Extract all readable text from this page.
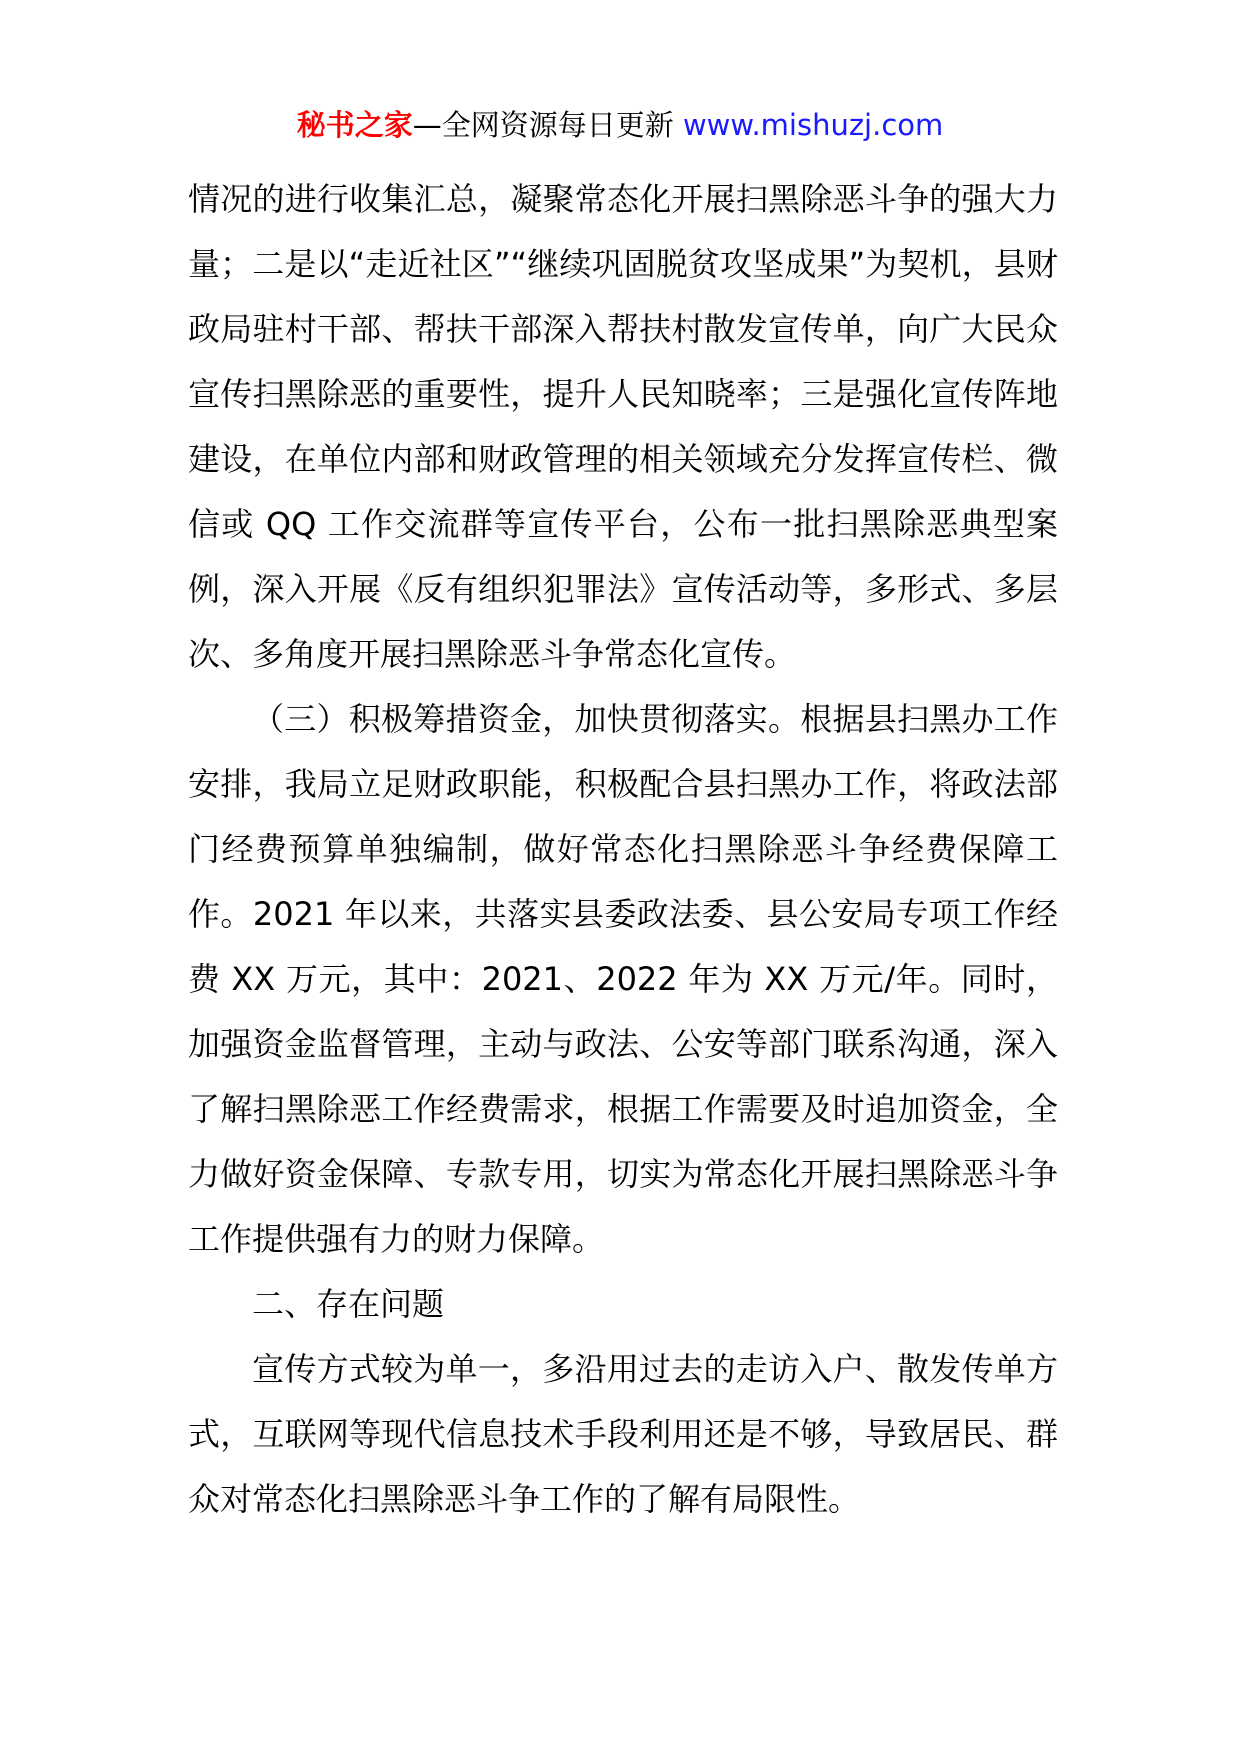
秘书之家—全网资源每日更新 www.mishuzj.com

情况的进行收集汇总，凝聚常态化开展扫黑除恶斗争的强大力量；二是以“走近社区”“继续巩固脱贫攻坚成果”为契机，县财政局驻村干部、帮扶干部深入帮扶村散发宣传单，向广大民众宣传扫黑除恶的重要性，提升人民知晓率；三是强化宣传阵地建设，在单位内部和财政管理的相关领域充分发挥宣传栏、微信或 QQ 工作交流群等宣传平台，公布一批扫黑除恶典型案例，深入开展《反有组织犯罪法》宣传活动等，多形式、多层次、多角度开展扫黑除恶斗争常态化宣传。

（三）积极筹措资金，加快贯彻落实。根据县扫黑办工作安排，我局立足财政职能，积极配合县扫黑办工作，将政法部门经费预算单独编制，做好常态化扫黑除恶斗争经费保障工作。2021 年以来，共落实县委政法委、县公安局专项工作经费 XX 万元，其中：2021、2022 年为 XX 万元/年。同时，加强资金监督管理，主动与政法、公安等部门联系沟通，深入了解扫黑除恶工作经费需求，根据工作需要及时追加资金，全力做好资金保障、专款专用，切实为常态化开展扫黑除恶斗争工作提供强有力的财力保障。

二、存在问题

宣传方式较为单一，多沿用过去的走访入户、散发传单方式，互联网等现代信息技术手段利用还是不够，导致居民、群众对常态化扫黑除恶斗争工作的了解有局限性。
